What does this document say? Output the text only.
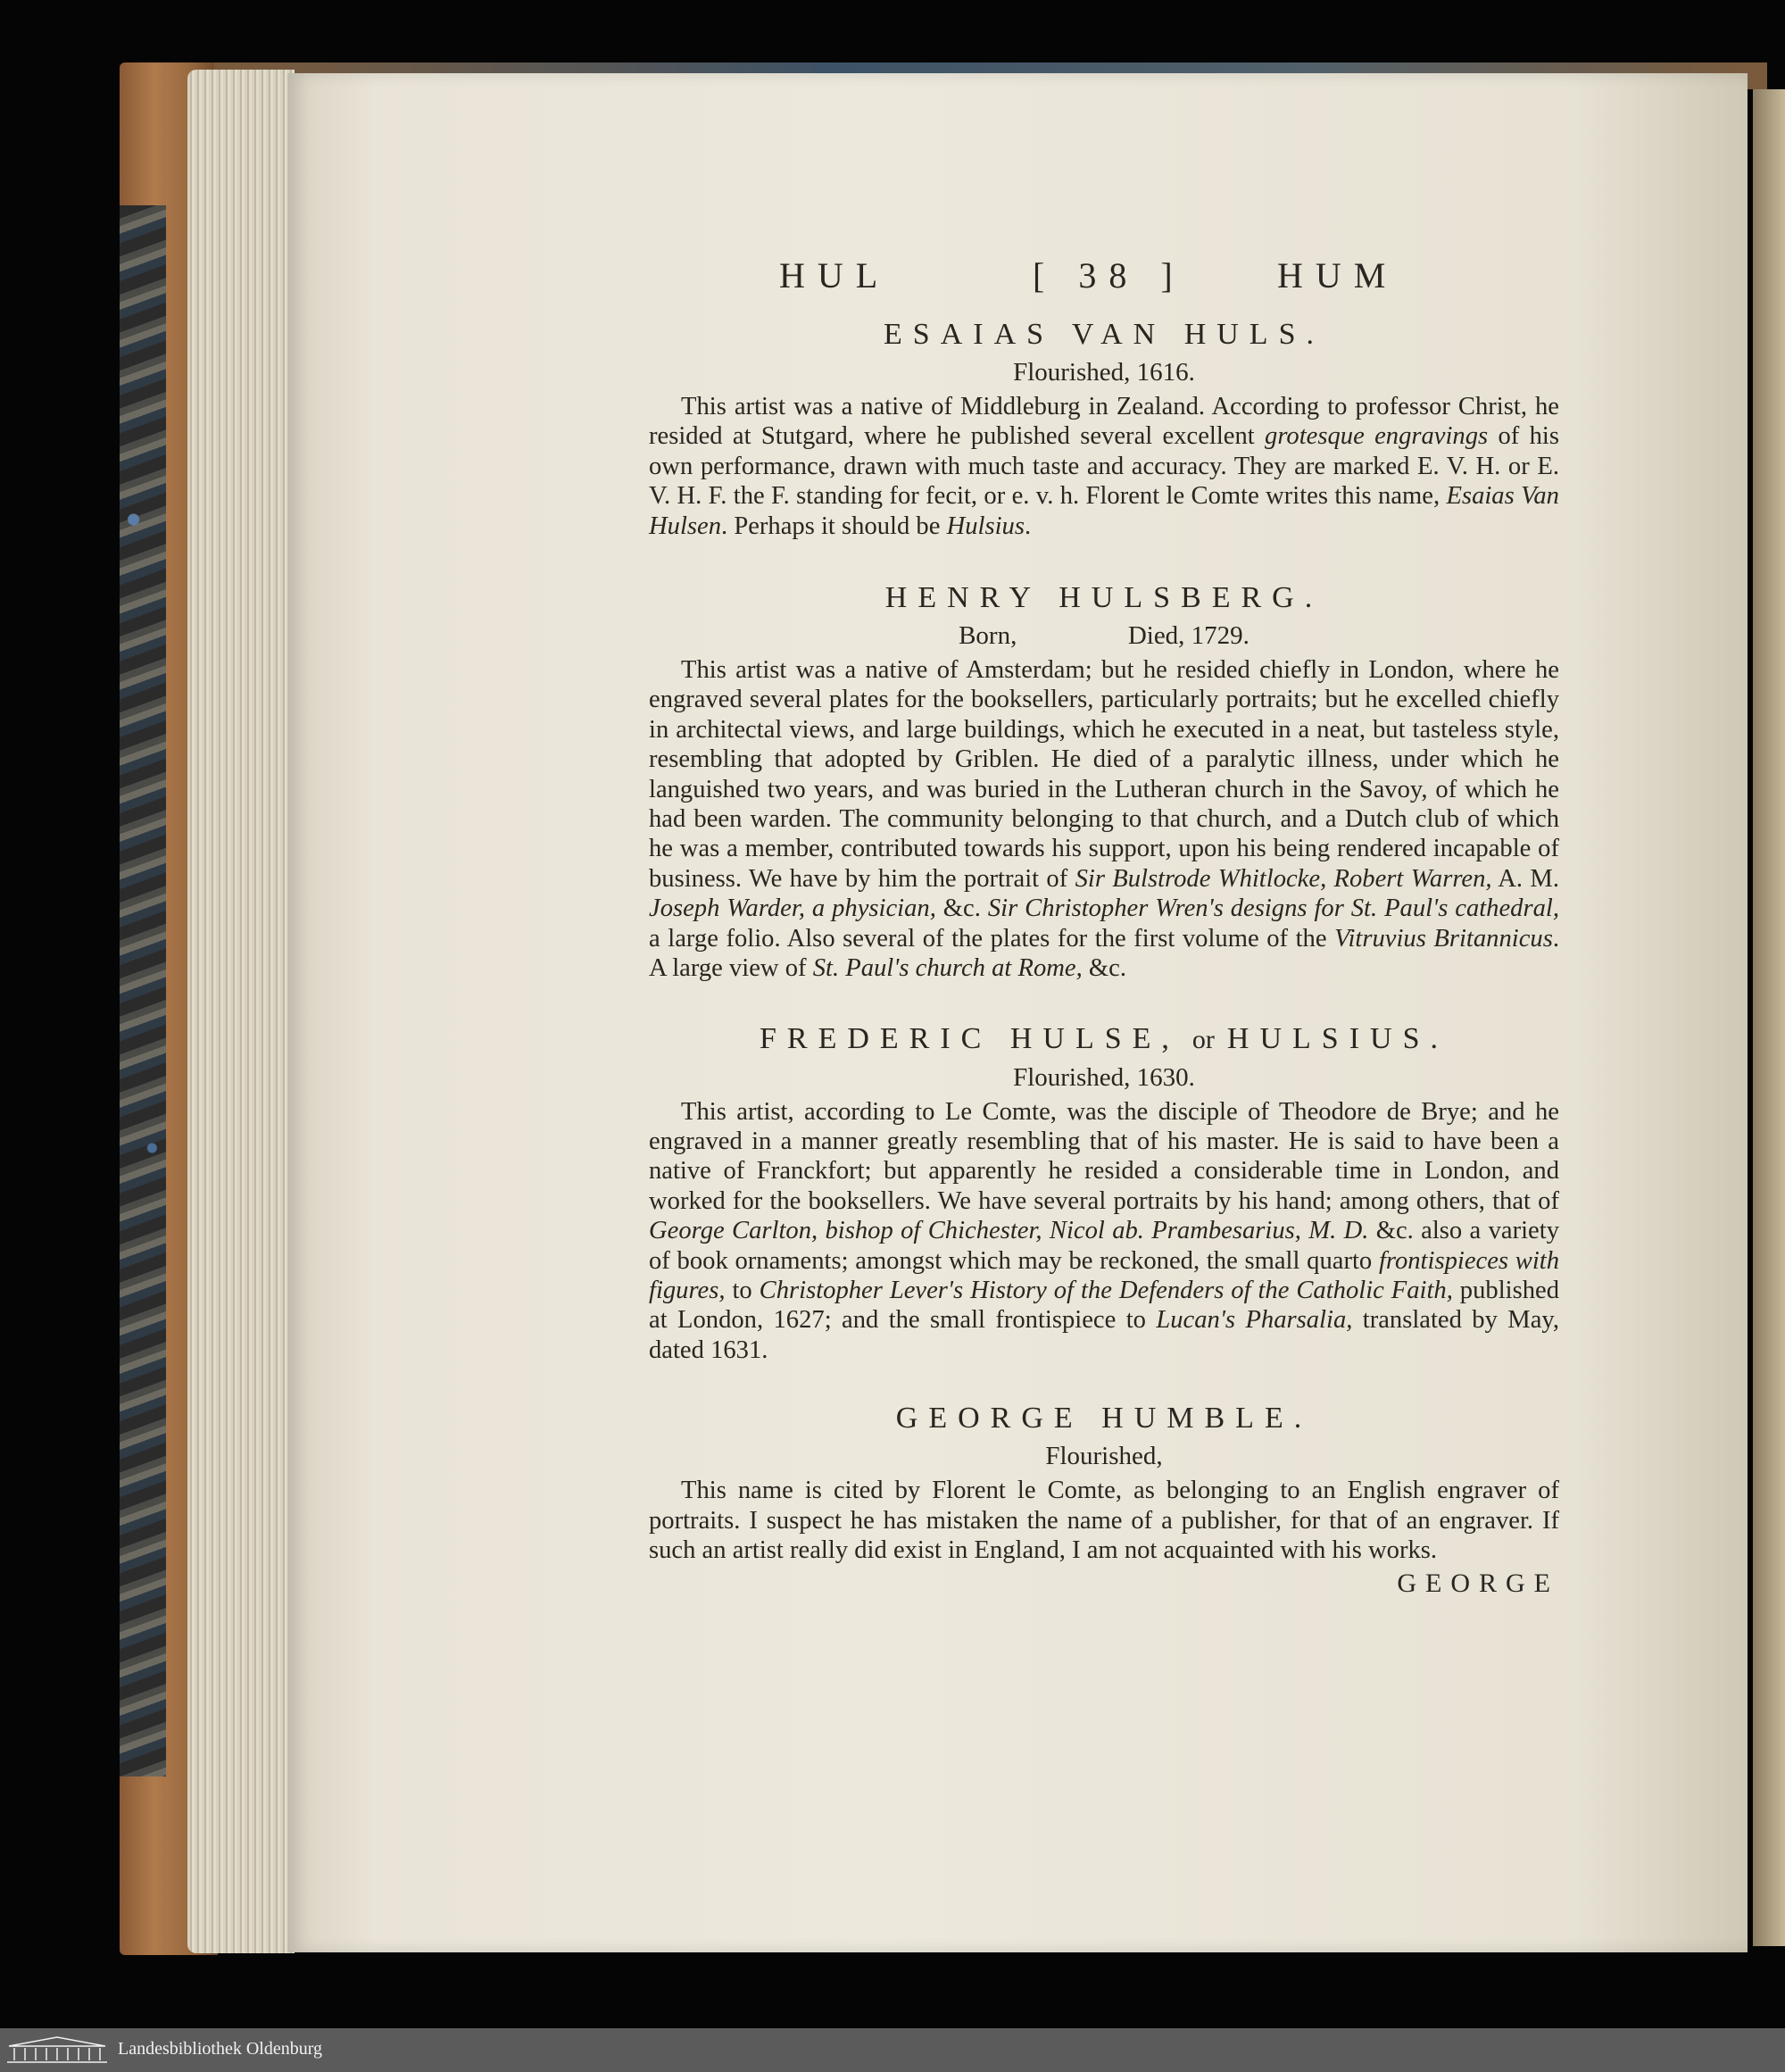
HUL	[ 38 ]	HUM
ESAIAS VAN HULS.
Flourished, 1616.

This artist was a native of Middleburg in Zealand. According to professor Christ, he resided at Stutgard, where he published several excellent grotesque engravings of his own performance, drawn with much taste and accuracy. They are marked E. V. H. or E. V. H. F. the F. standing for fecit, or e. v. h. Florent le Comte writes this name, Esaias Van Hulsen. Perhaps it should be Hulsius.

HENRY HULSBERG.
Born,	Died, 1729.

This artist was a native of Amsterdam; but he resided chiefly in London, where he engraved several plates for the booksellers, particularly portraits; but he excelled chiefly in architectal views, and large buildings, which he executed in a neat, but tasteless style, resembling that adopted by Griblen. He died of a paralytic illness, under which he languished two years, and was buried in the Lutheran church in the Savoy, of which he had been warden. The community belonging to that church, and a Dutch club of which he was a member, contributed towards his support, upon his being rendered incapable of business. We have by him the portrait of Sir Bulstrode Whitlocke, Robert Warren, A. M. Joseph Warder, a physician, &c. Sir Christopher Wren's designs for St. Paul's cathedral, a large folio. Also several of the plates for the first volume of the Vitruvius Britannicus. A large view of St. Paul's church at Rome, &c.

FREDERIC HULSE, or HULSIUS.
Flourished, 1630.

This artist, according to Le Comte, was the disciple of Theodore de Brye; and he engraved in a manner greatly resembling that of his master. He is said to have been a native of Franckfort; but apparently he resided a considerable time in London, and worked for the booksellers. We have several portraits by his hand; among others, that of George Carlton, bishop of Chichester, Nicol ab. Prambesarius, M. D. &c. also a variety of book ornaments; amongst which may be reckoned, the small quarto frontispieces with figures, to Christopher Lever's History of the Defenders of the Catholic Faith, published at London, 1627; and the small frontispiece to Lucan's Pharsalia, translated by May, dated 1631.

GEORGE HUMBLE.
Flourished,

This name is cited by Florent le Comte, as belonging to an English engraver of portraits. I suspect he has mistaken the name of a publisher, for that of an engraver. If such an artist really did exist in England, I am not acquainted with his works.

GEORGE
Landesbibliothek Oldenburg
